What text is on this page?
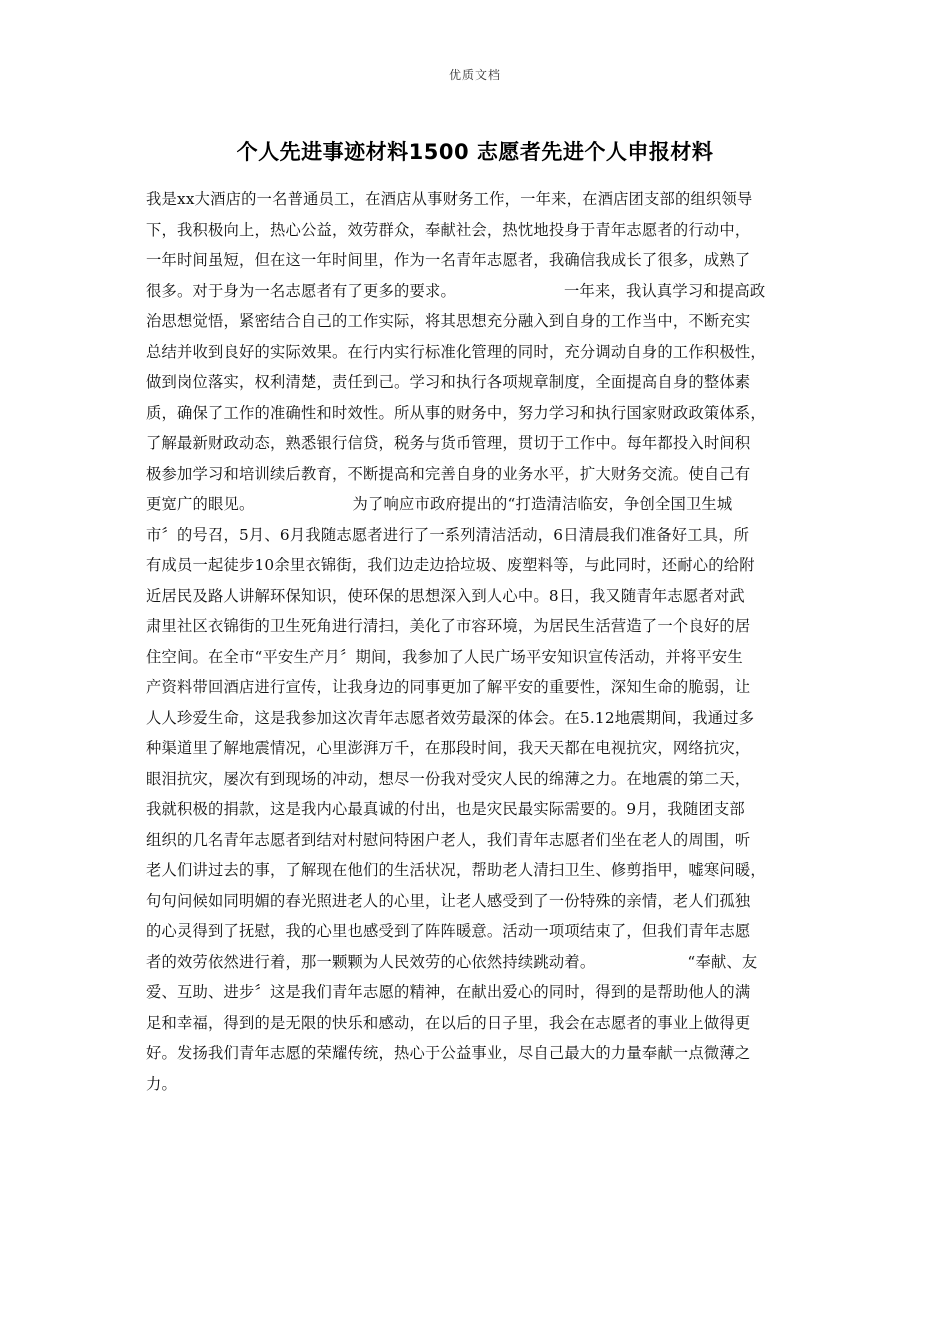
优质文档
个人先进事迹材料1500 志愿者先进个人申报材料
我是xx大酒店的一名普通员工，在酒店从事财务工作，一年来，在酒店团支部的组织领导
下，我积极向上，热心公益，效劳群众，奉献社会，热忱地投身于青年志愿者的行动中，
一年时间虽短，但在这一年时间里，作为一名青年志愿者，我确信我成长了很多，成熟了
很多。对于身为一名志愿者有了更多的要求。	一年来，我认真学习和提高政
治思想觉悟，紧密结合自己的工作实际，将其思想充分融入到自身的工作当中，不断充实
总结并收到良好的实际效果。在行内实行标准化管理的同时，充分调动自身的工作积极性，
做到岗位落实，权利清楚，责任到己。学习和执行各项规章制度，全面提高自身的整体素
质，确保了工作的准确性和时效性。所从事的财务中，努力学习和执行国家财政政策体系，
了解最新财政动态，熟悉银行信贷，税务与货币管理，贯切于工作中。每年都投入时间积
极参加学习和培训续后教育，不断提高和完善自身的业务水平，扩大财务交流。使自己有
更宽广的眼见。	为了响应市政府提出的“打造清洁临安，争创全国卫生城
市〞的号召，5月、6月我随志愿者进行了一系列清洁活动，6日清晨我们准备好工具，所
有成员一起徒步10余里衣锦街，我们边走边拾垃圾、废塑料等，与此同时，还耐心的给附
近居民及路人讲解环保知识，使环保的思想深入到人心中。8日，我又随青年志愿者对武
肃里社区衣锦街的卫生死角进行清扫，美化了市容环境，为居民生活营造了一个良好的居
住空间。在全市“平安生产月〞期间，我参加了人民广场平安知识宣传活动，并将平安生
产资料带回酒店进行宣传，让我身边的同事更加了解平安的重要性，深知生命的脆弱，让
人人珍爱生命，这是我参加这次青年志愿者效劳最深的体会。在5.12地震期间，我通过多
种渠道里了解地震情况，心里澎湃万千，在那段时间，我天天都在电视抗灾，网络抗灾，
眼泪抗灾，屡次有到现场的冲动，想尽一份我对受灾人民的绵薄之力。在地震的第二天，
我就积极的捐款，这是我内心最真诚的付出，也是灾民最实际需要的。9月，我随团支部
组织的几名青年志愿者到结对村慰问特困户老人，我们青年志愿者们坐在老人的周围，听
老人们讲过去的事，了解现在他们的生活状况，帮助老人清扫卫生、修剪指甲，嘘寒问暖，
句句问候如同明媚的春光照进老人的心里，让老人感受到了一份特殊的亲情，老人们孤独
的心灵得到了抚慰，我的心里也感受到了阵阵暖意。活动一项项结束了，但我们青年志愿
者的效劳依然进行着，那一颗颗为人民效劳的心依然持续跳动着。	“奉献、友
爱、互助、进步〞这是我们青年志愿的精神，在献出爱心的同时，得到的是帮助他人的满
足和幸福，得到的是无限的快乐和感动，在以后的日子里，我会在志愿者的事业上做得更
好。发扬我们青年志愿的荣耀传统，热心于公益事业，尽自己最大的力量奉献一点微薄之
力。
